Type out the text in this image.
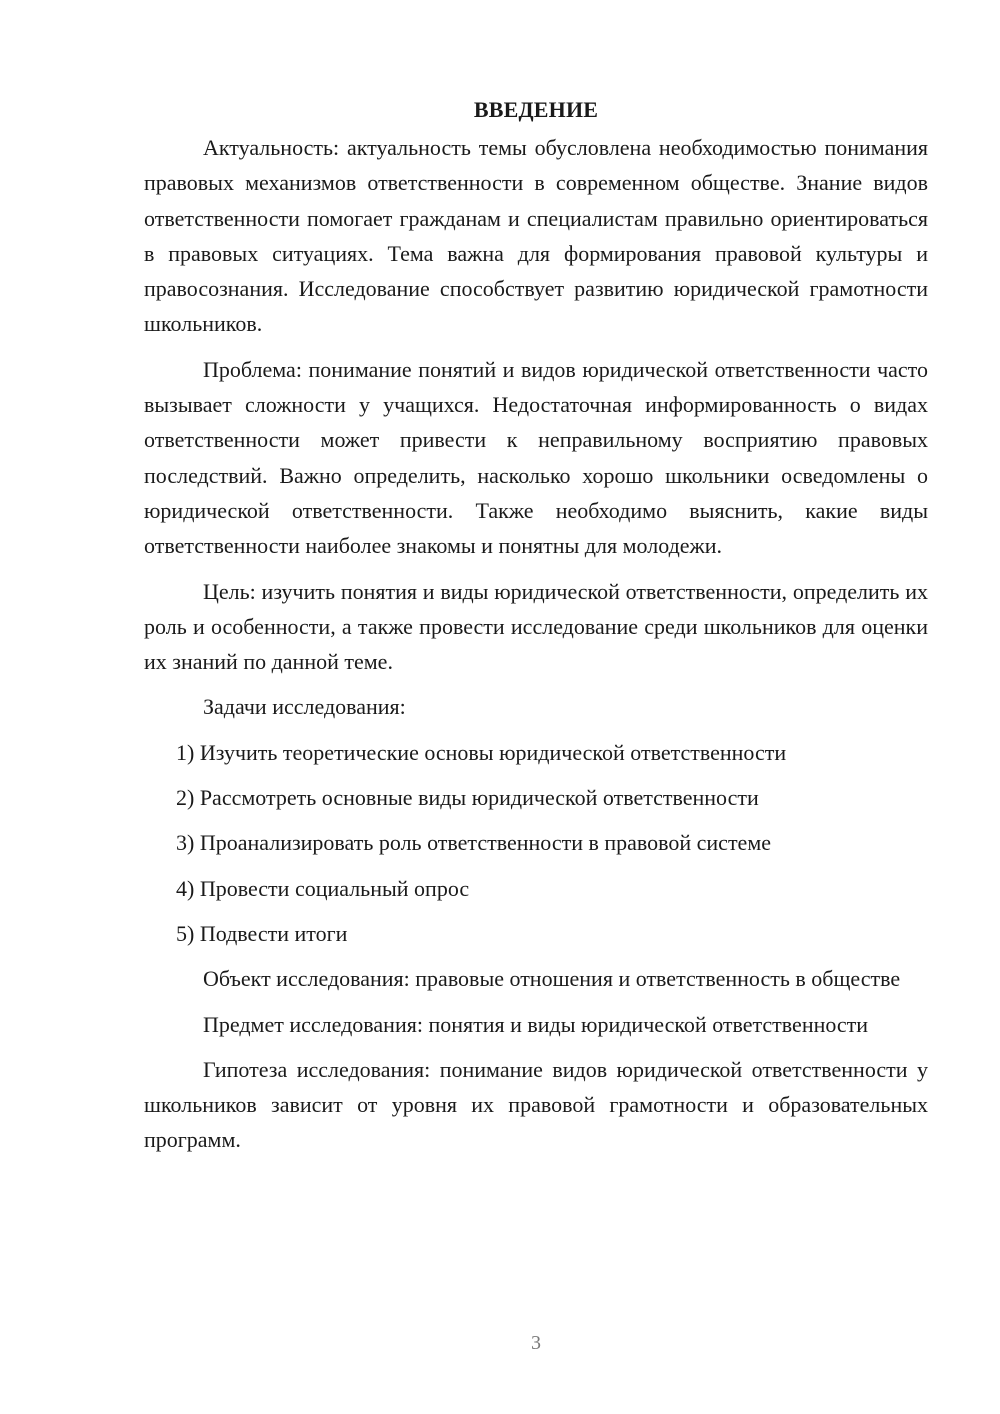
ВВЕДЕНИЕ

Актуальность: актуальность темы обусловлена необходимостью понимания правовых механизмов ответственности в современном обществе. Знание видов ответственности помогает гражданам и специалистам правильно ориентироваться в правовых ситуациях. Тема важна для формирования правовой культуры и правосознания. Исследование способствует развитию юридической грамотности школьников.

Проблема: понимание понятий и видов юридической ответственности часто вызывает сложности у учащихся. Недостаточная информированность о видах ответственности может привести к неправильному восприятию правовых последствий. Важно определить, насколько хорошо школьники осведомлены о юридической ответственности. Также необходимо выяснить, какие виды ответственности наиболее знакомы и понятны для молодежи.

Цель: изучить понятия и виды юридической ответственности, определить их роль и особенности, а также провести исследование среди школьников для оценки их знаний по данной теме.

Задачи исследования:

1) Изучить теоретические основы юридической ответственности
2) Рассмотреть основные виды юридической ответственности
3) Проанализировать роль ответственности в правовой системе
4) Провести социальный опрос
5) Подвести итоги

Объект исследования: правовые отношения и ответственность в обществе

Предмет исследования: понятия и виды юридической ответственности

Гипотеза исследования: понимание видов юридической ответственности у школьников зависит от уровня их правовой грамотности и образовательных программ.

3
